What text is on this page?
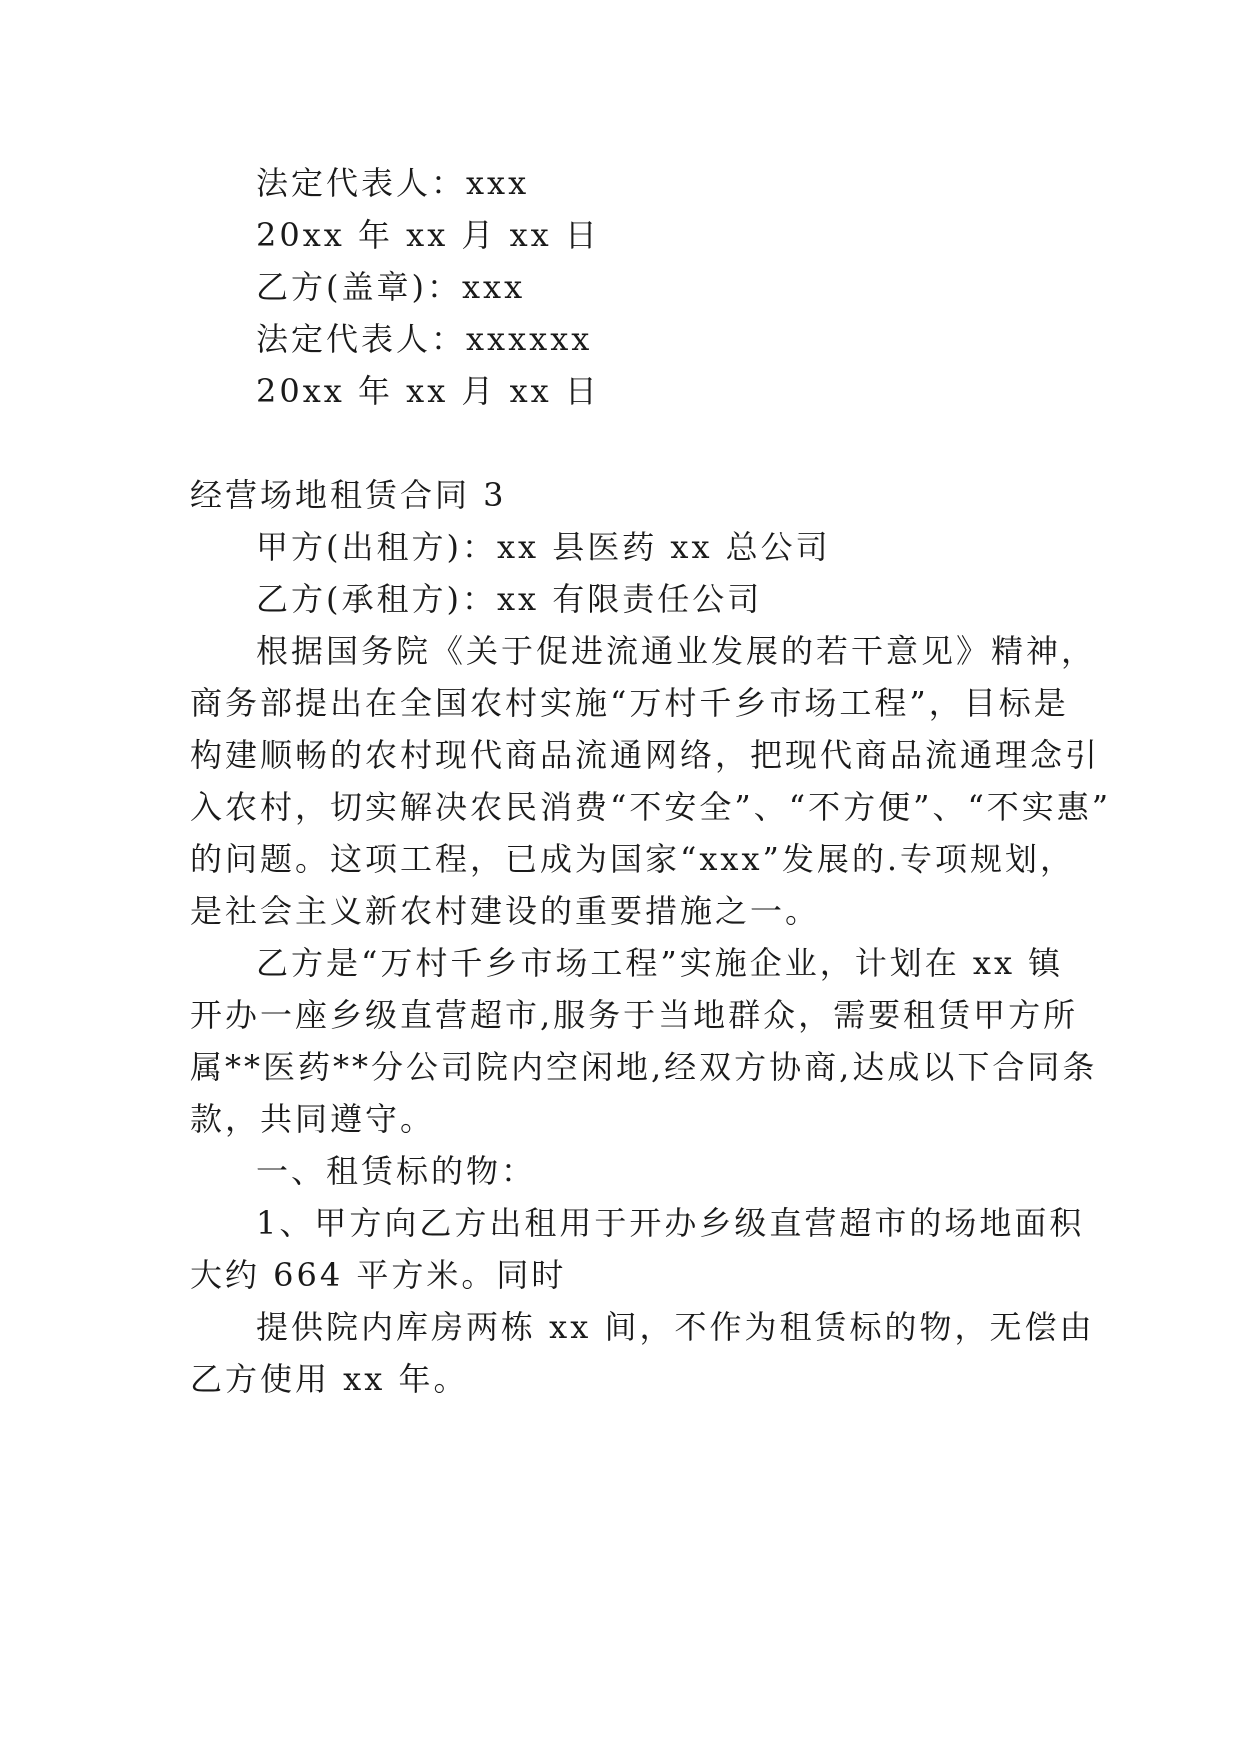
法定代表人：xxx
20xx 年 xx 月 xx 日
乙方(盖章)：xxx
法定代表人：xxxxxx
20xx 年 xx 月 xx 日
经营场地租赁合同 3
甲方(出租方)：xx 县医药 xx 总公司
乙方(承租方)：xx 有限责任公司
根据国务院《关于促进流通业发展的若干意见》精神，
商务部提出在全国农村实施“万村千乡市场工程”，目标是
构建顺畅的农村现代商品流通网络，把现代商品流通理念引
入农村，切实解决农民消费“不安全”、“不方便”、“不实惠”
的问题。这项工程，已成为国家“xxx”发展的.专项规划，
是社会主义新农村建设的重要措施之一。
乙方是“万村千乡市场工程”实施企业，计划在 xx 镇
开办一座乡级直营超市,服务于当地群众，需要租赁甲方所
属**医药**分公司院内空闲地,经双方协商,达成以下合同条
款，共同遵守。
一、租赁标的物：
1、甲方向乙方出租用于开办乡级直营超市的场地面积
大约 664 平方米。同时
提供院内库房两栋 xx 间，不作为租赁标的物，无偿由
乙方使用 xx 年。
